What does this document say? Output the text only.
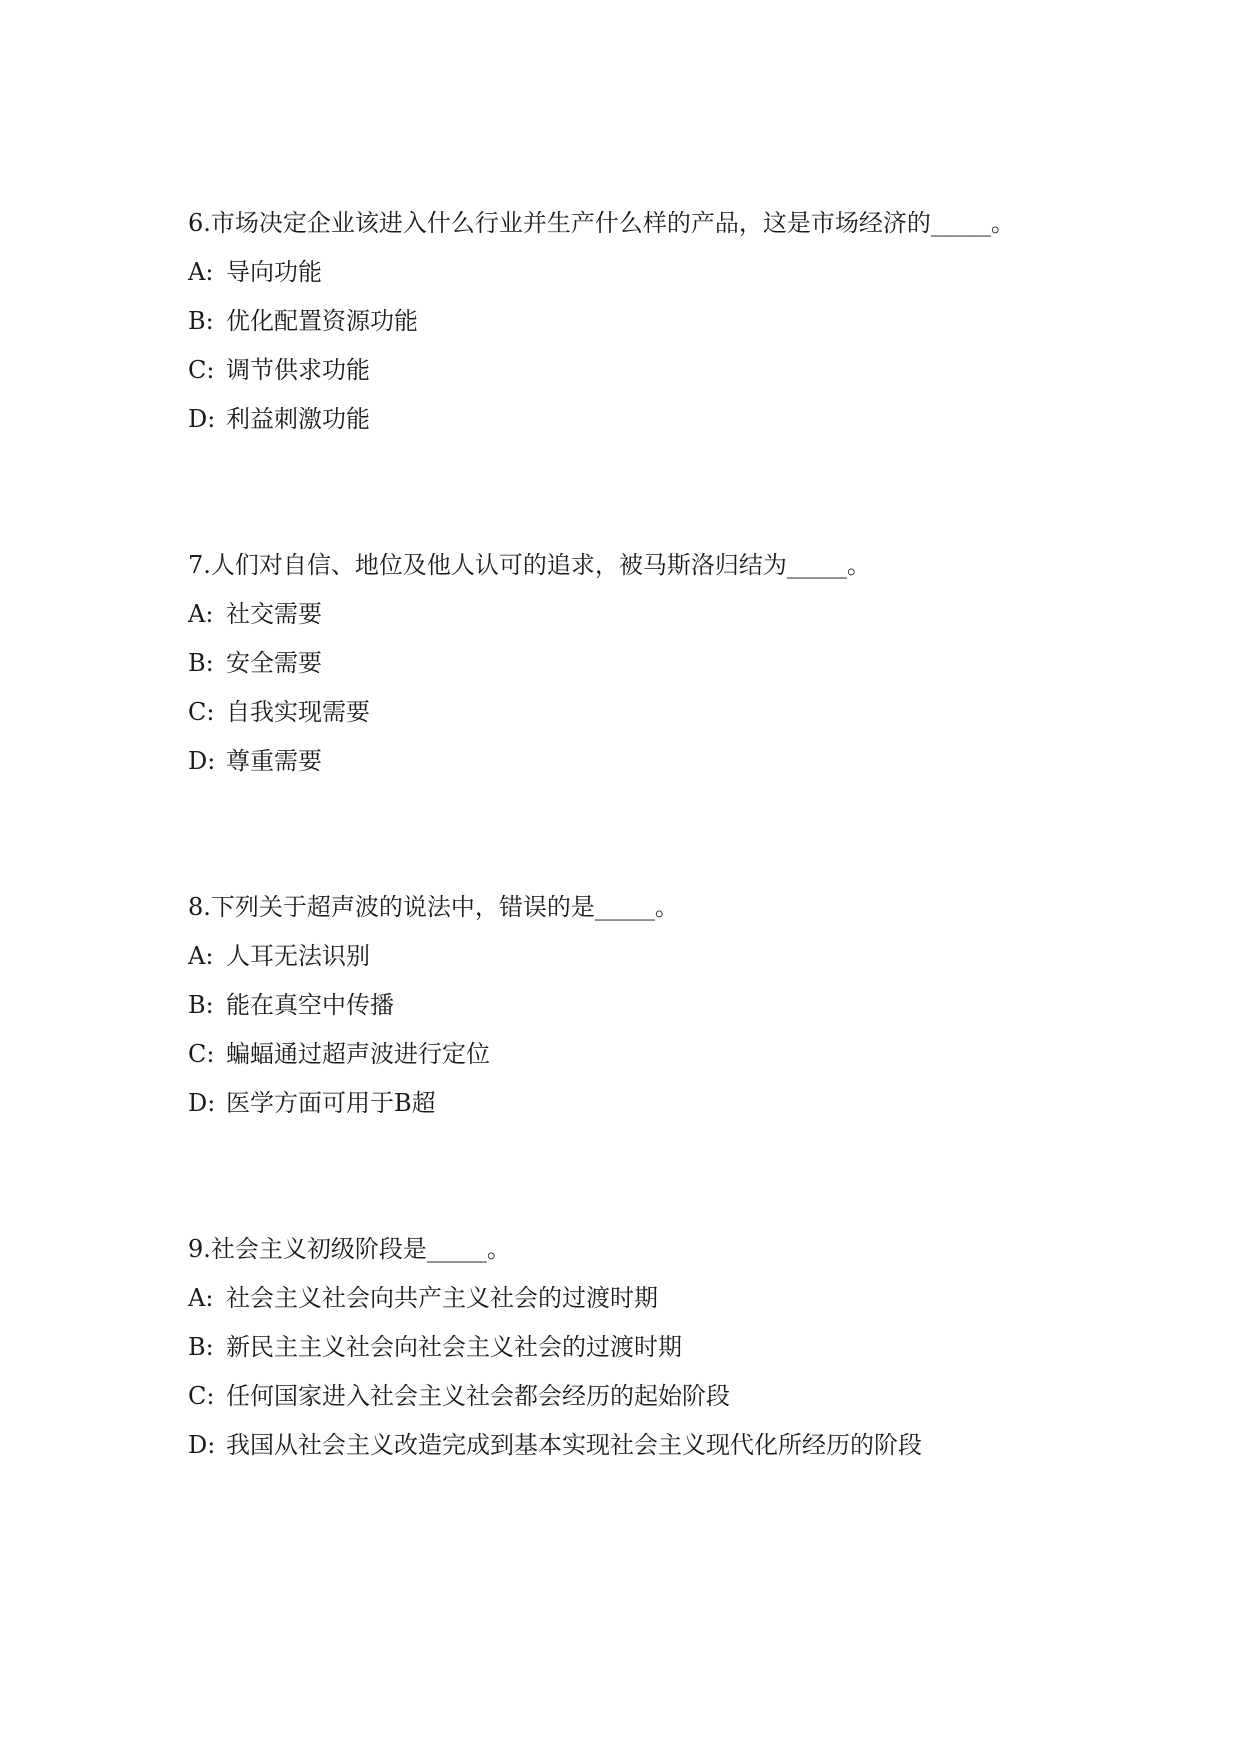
6.市场决定企业该进入什么行业并生产什么样的产品，这是市场经济的_____。
A: 导向功能
B: 优化配置资源功能
C: 调节供求功能
D: 利益刺激功能
7.人们对自信、地位及他人认可的追求，被马斯洛归结为_____。
A: 社交需要
B: 安全需要
C: 自我实现需要
D: 尊重需要
8.下列关于超声波的说法中，错误的是_____。
A: 人耳无法识别
B: 能在真空中传播
C: 蝙蝠通过超声波进行定位
D: 医学方面可用于B超
9.社会主义初级阶段是_____。
A: 社会主义社会向共产主义社会的过渡时期
B: 新民主主义社会向社会主义社会的过渡时期
C: 任何国家进入社会主义社会都会经历的起始阶段
D: 我国从社会主义改造完成到基本实现社会主义现代化所经历的阶段
